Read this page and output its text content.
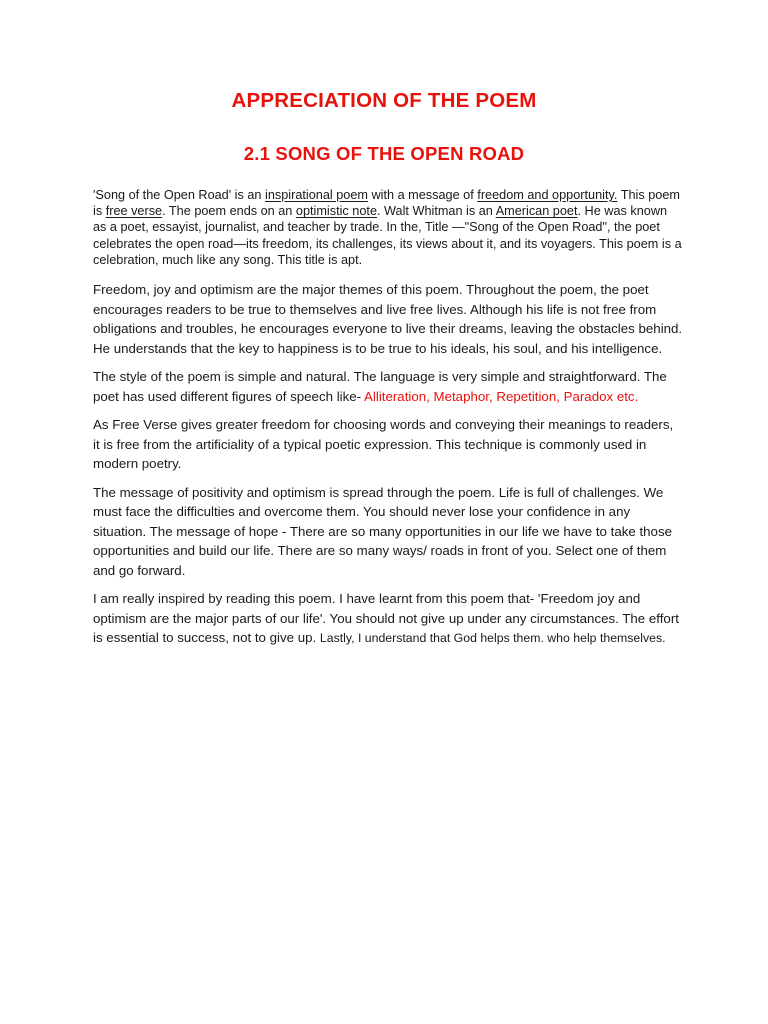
APPRECIATION OF THE POEM
2.1 SONG OF THE OPEN ROAD

'Song of the Open Road' is an inspirational poem with a message of freedom and opportunity. This poem is free verse. The poem ends on an optimistic note. Walt Whitman is an American poet. He was known as a poet, essayist, journalist, and teacher by trade. In the, Title —"Song of the Open Road", the poet celebrates the open road—its freedom, its challenges, its views about it, and its voyagers. This poem is a celebration, much like any song. This title is apt.

Freedom, joy and optimism are the major themes of this poem. Throughout the poem, the poet encourages readers to be true to themselves and live free lives. Although his life is not free from obligations and troubles, he encourages everyone to live their dreams, leaving the obstacles behind. He understands that the key to happiness is to be true to his ideals, his soul, and his intelligence.

The style of the poem is simple and natural. The language is very simple and straightforward. The poet has used different figures of speech like- Alliteration, Metaphor, Repetition, Paradox etc.

As Free Verse gives greater freedom for choosing words and conveying their meanings to readers, it is free from the artificiality of a typical poetic expression. This technique is commonly used in modern poetry.

The message of positivity and optimism is spread through the poem. Life is full of challenges. We must face the difficulties and overcome them. You should never lose your confidence in any situation. The message of hope - There are so many opportunities in our life we have to take those opportunities and build our life. There are so many ways/ roads in front of you. Select one of them and go forward.

I am really inspired by reading this poem. I have learnt from this poem that- 'Freedom joy and optimism are the major parts of our life'. You should not give up under any circumstances. The effort is essential to success, not to give up. Lastly, I understand that God helps them. who help themselves.
